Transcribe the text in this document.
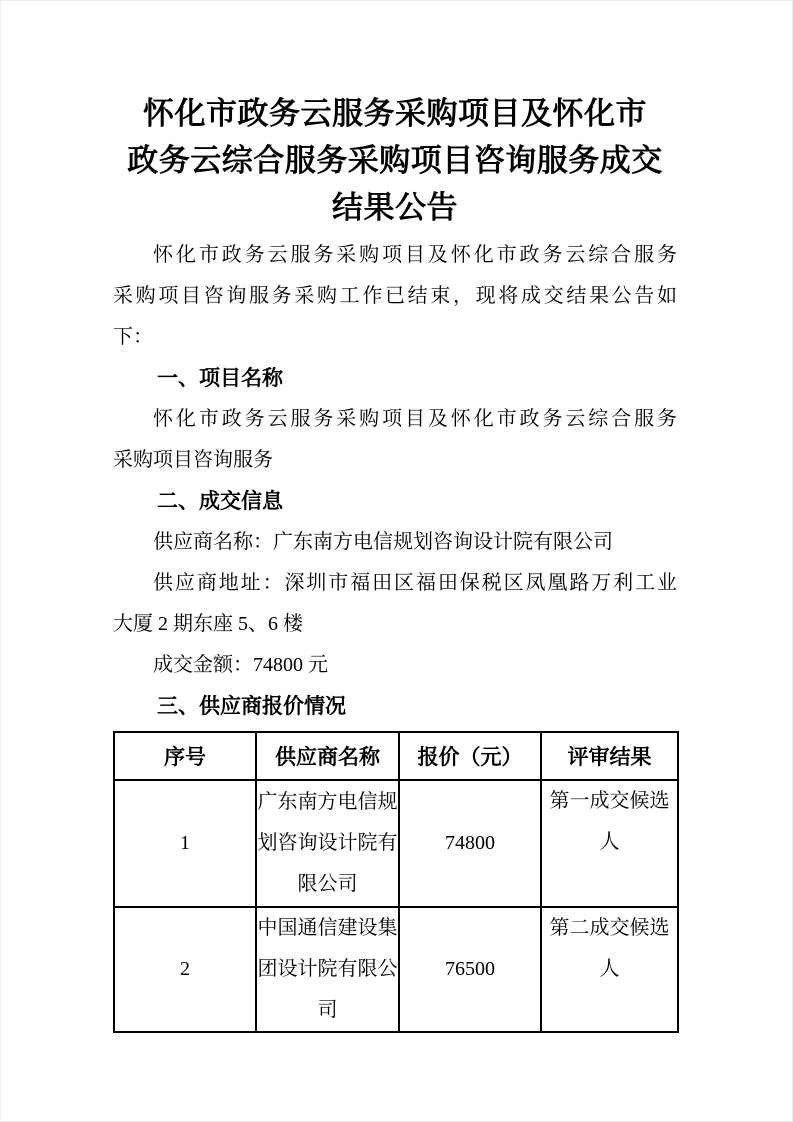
怀化市政务云服务采购项目及怀化市
政务云综合服务采购项目咨询服务成交
结果公告
怀化市政务云服务采购项目及怀化市政务云综合服务
采购项目咨询服务采购工作已结束，现将成交结果公告如
下：
一、项目名称
怀化市政务云服务采购项目及怀化市政务云综合服务
采购项目咨询服务
二、成交信息
供应商名称：广东南方电信规划咨询设计院有限公司
供应商地址：深圳市福田区福田保税区凤凰路万利工业
大厦 2 期东座 5、6 楼
成交金额：74800 元
三、供应商报价情况
序号	供应商名称	报价（元）	评审结果
1	广东南方电信规划咨询设计院有限公司	74800	第一成交候选人
2	中国通信建设集团设计院有限公司	76500	第二成交候选人
